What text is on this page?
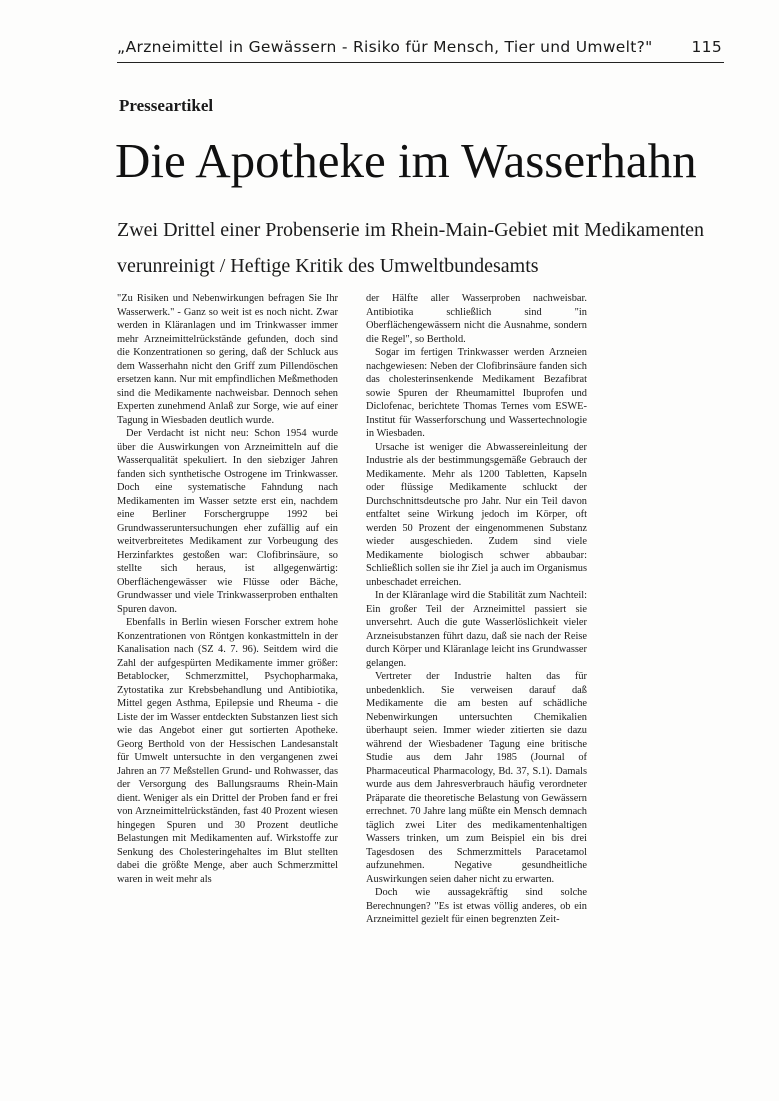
„Arzneimittel in Gewässern - Risiko für Mensch, Tier und Umwelt?"	115
Presseartikel
Die Apotheke im Wasserhahn
Zwei Drittel einer Probenserie im Rhein-Main-Gebiet mit Medikamenten
verunreinigt / Heftige Kritik des Umweltbundesamts

"Zu Risiken und Nebenwirkungen befragen Sie Ihr Wasserwerk." - Ganz so weit ist es noch nicht. Zwar werden in Kläranlagen und im Trinkwasser immer mehr Arzneimittelrückstände gefunden, doch sind die Konzentrationen so gering, daß der Schluck aus dem Wasserhahn nicht den Griff zum Pillendöschen ersetzen kann. Nur mit empfindlichen Meßmethoden sind die Medikamente nachweisbar. Dennoch sehen Experten zunehmend Anlaß zur Sorge, wie auf einer Tagung in Wiesbaden deutlich wurde.

Der Verdacht ist nicht neu: Schon 1954 wurde über die Auswirkungen von Arzneimitteln auf die Wasserqualität spekuliert. In den siebziger Jahren fanden sich synthetische Ostrogene im Trinkwasser. Doch eine systematische Fahndung nach Medikamenten im Wasser setzte erst ein, nachdem eine Berliner Forschergruppe 1992 bei Grundwasseruntersuchungen eher zufällig auf ein weitverbreitetes Medikament zur Vorbeugung des Herzinfarktes gestoßen war: Clofibrinsäure, so stellte sich heraus, ist allgegenwärtig: Oberflächengewässer wie Flüsse oder Bäche, Grundwasser und viele Trinkwasserproben enthalten Spuren davon.

Ebenfalls in Berlin wiesen Forscher extrem hohe Konzentrationen von Röntgen konkastmitteln in der Kanalisation nach (SZ 4. 7. 96). Seitdem wird die Zahl der aufgespürten Medikamente immer größer: Betablocker, Schmerzmittel, Psychopharmaka, Zytostatika zur Krebsbehandlung und Antibiotika, Mittel gegen Asthma, Epilepsie und Rheuma - die Liste der im Wasser entdeckten Substanzen liest sich wie das Angebot einer gut sortierten Apotheke. Georg Berthold von der Hessischen Landesanstalt für Umwelt untersuchte in den vergangenen zwei Jahren an 77 Meßstellen Grund- und Rohwasser, das der Versorgung des Ballungsraums Rhein-Main dient. Weniger als ein Drittel der Proben fand er frei von Arzneimittelrückständen, fast 40 Prozent wiesen hingegen Spuren und 30 Prozent deutliche Belastungen mit Medikamenten auf. Wirkstoffe zur Senkung des Cholesteringehaltes im Blut stellten dabei die größte Menge, aber auch Schmerzmittel waren in weit mehr als

der Hälfte aller Wasserproben nachweisbar. Antibiotika schließlich sind "in Oberflächengewässern nicht die Ausnahme, sondern die Regel", so Berthold.

Sogar im fertigen Trinkwasser werden Arzneien nachgewiesen: Neben der Clofibrinsäure fanden sich das cholesterinsenkende Medikament Bezafibrat sowie Spuren der Rheumamittel Ibuprofen und Diclofenac, berichtete Thomas Ternes vom ESWE-Institut für Wasserforschung und Wassertechnologie in Wiesbaden.

Ursache ist weniger die Abwassereinleitung der Industrie als der bestimmungsgemäße Gebrauch der Medikamente. Mehr als 1200 Tabletten, Kapseln oder flüssige Medikamente schluckt der Durchschnittsdeutsche pro Jahr. Nur ein Teil davon entfaltet seine Wirkung jedoch im Körper, oft werden 50 Prozent der eingenommenen Substanz wieder ausgeschieden. Zudem sind viele Medikamente biologisch schwer abbaubar: Schließlich sollen sie ihr Ziel ja auch im Organismus unbeschadet erreichen.

In der Kläranlage wird die Stabilität zum Nachteil: Ein großer Teil der Arzneimittel passiert sie unversehrt. Auch die gute Wasserlöslichkeit vieler Arzneisubstanzen führt dazu, daß sie nach der Reise durch Körper und Kläranlage leicht ins Grundwasser gelangen.

Vertreter der Industrie halten das für unbedenklich. Sie verweisen darauf daß Medikamente die am besten auf schädliche Nebenwirkungen untersuchten Chemikalien überhaupt seien. Immer wieder zitierten sie dazu während der Wiesbadener Tagung eine britische Studie aus dem Jahr 1985 (Journal of Pharmaceutical Pharmacology, Bd. 37, S.1). Damals wurde aus dem Jahresverbrauch häufig verordneter Präparate die theoretische Belastung von Gewässern errechnet. 70 Jahre lang müßte ein Mensch demnach täglich zwei Liter des medikamentenhaltigen Wassers trinken, um zum Beispiel ein bis drei Tagesdosen des Schmerzmittels Paracetamol aufzunehmen. Negative gesundheitliche Auswirkungen seien daher nicht zu erwarten.

Doch wie aussagekräftig sind solche Berechnungen? "Es ist etwas völlig anderes, ob ein Arzneimittel gezielt für einen begrenzten Zeit-
